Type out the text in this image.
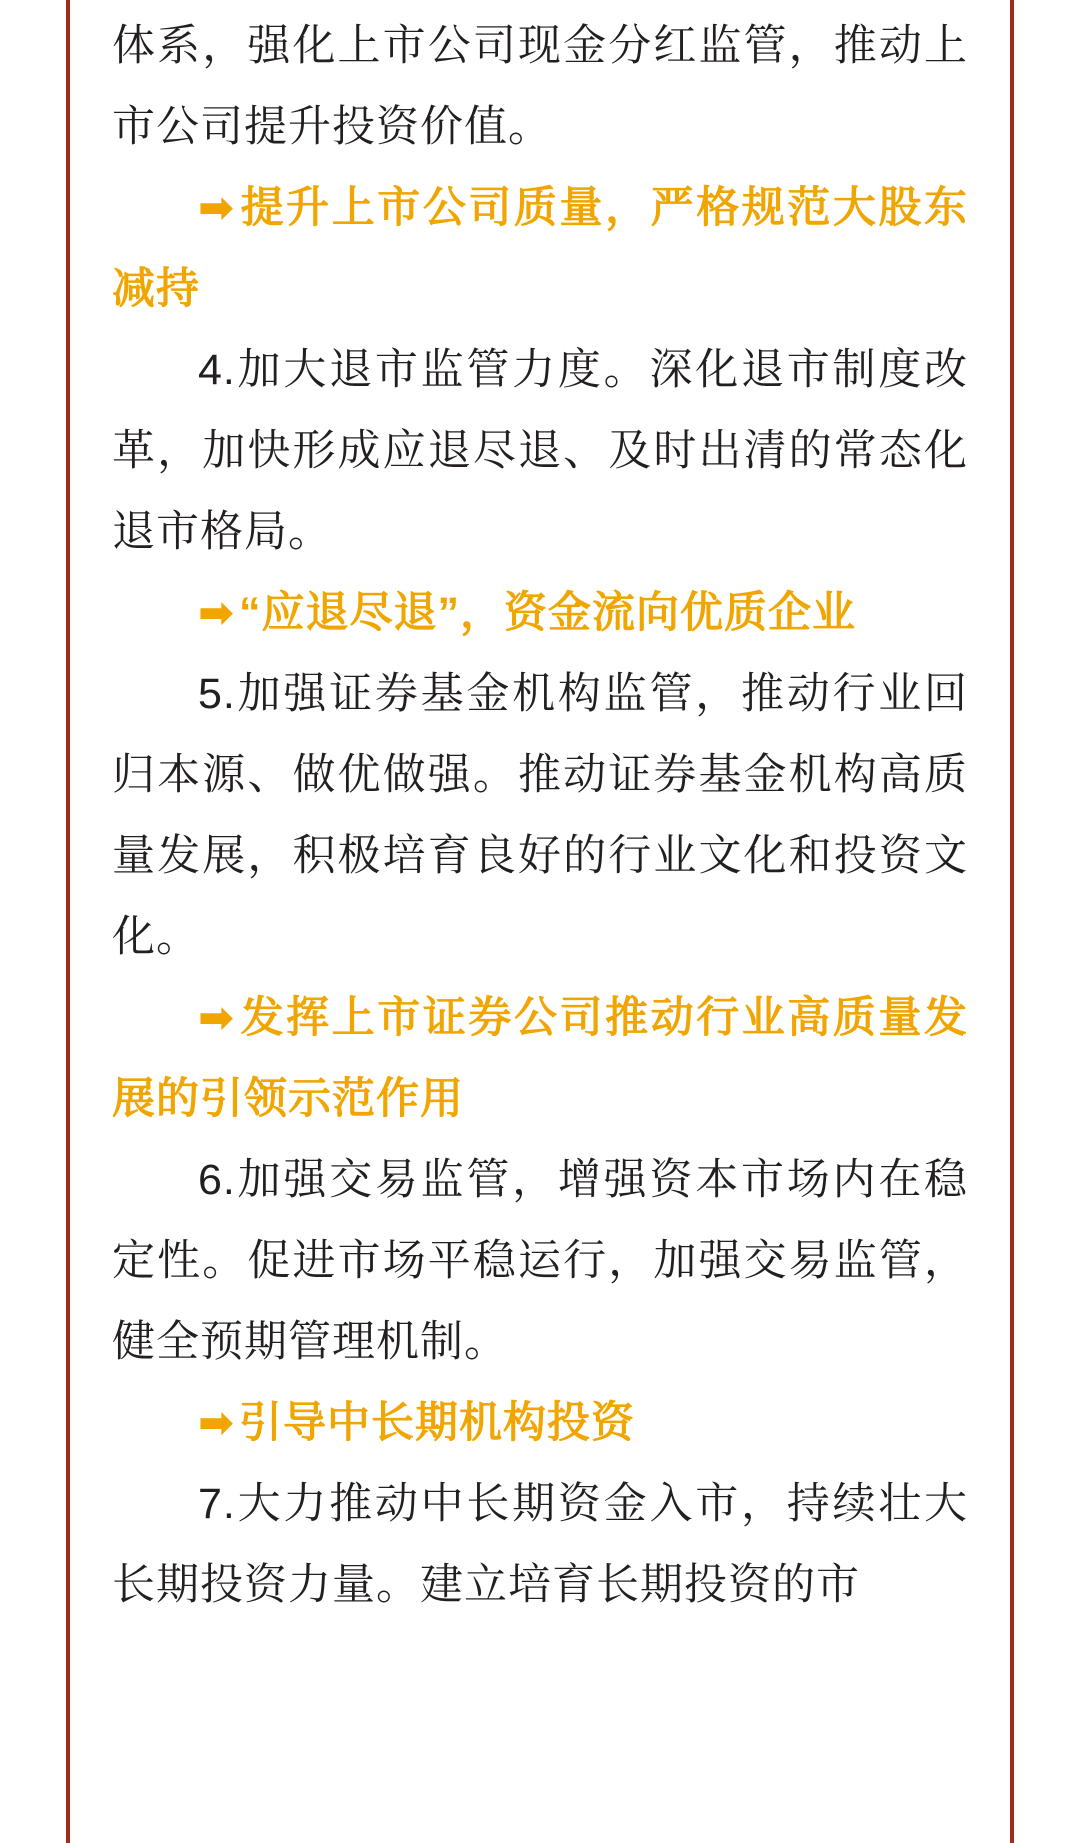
体系，强化上市公司现金分红监管，推动上市公司提升投资价值。

➡提升上市公司质量，严格规范大股东减持

4.加大退市监管力度。深化退市制度改革，加快形成应退尽退、及时出清的常态化退市格局。

➡“应退尽退”，资金流向优质企业

5.加强证券基金机构监管，推动行业回归本源、做优做强。推动证券基金机构高质量发展，积极培育良好的行业文化和投资文化。

➡发挥上市证券公司推动行业高质量发展的引领示范作用

6.加强交易监管，增强资本市场内在稳定性。促进市场平稳运行，加强交易监管，健全预期管理机制。

➡引导中长期机构投资

7.大力推动中长期资金入市，持续壮大长期投资力量。建立培育长期投资的市
